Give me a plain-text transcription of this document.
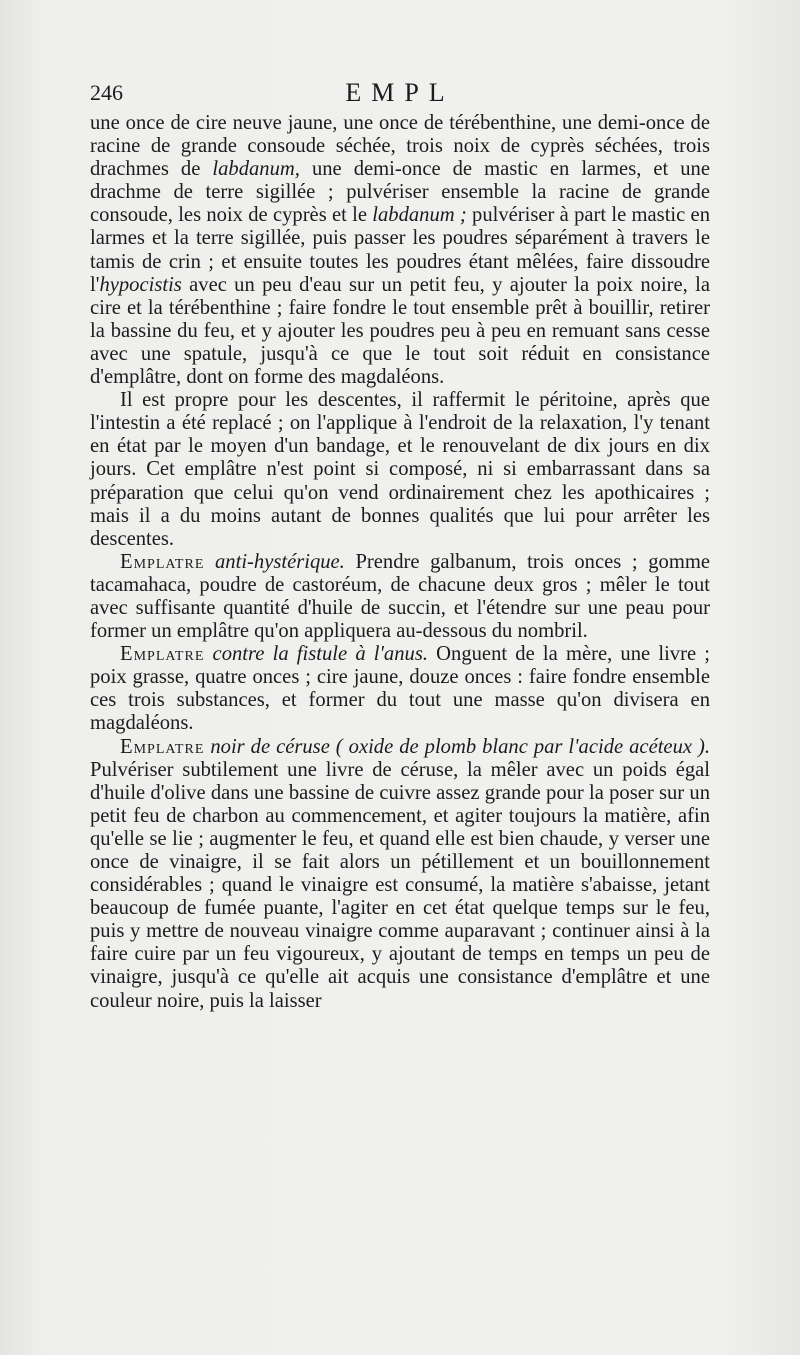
246	EMPL

une once de cire neuve jaune, une once de térébenthine, une demi-once de racine de grande consoude séchée, trois noix de cyprès séchées, trois drachmes de labdanum, une demi-once de mastic en larmes, et une drachme de terre sigillée ; pulvériser ensemble la racine de grande consoude, les noix de cyprès et le labdanum ; pulvériser à part le mastic en larmes et la terre sigillée, puis passer les poudres séparément à travers le tamis de crin ; et ensuite toutes les poudres étant mêlées, faire dissoudre l'hypocistis avec un peu d'eau sur un petit feu, y ajouter la poix noire, la cire et la térébenthine ; faire fondre le tout ensemble prêt à bouillir, retirer la bassine du feu, et y ajouter les poudres peu à peu en remuant sans cesse avec une spatule, jusqu'à ce que le tout soit réduit en consistance d'emplâtre, dont on forme des magdaléons.

Il est propre pour les descentes, il raffermit le péritoine, après que l'intestin a été replacé ; on l'applique à l'endroit de la relaxation, l'y tenant en état par le moyen d'un bandage, et le renouvelant de dix jours en dix jours. Cet emplâtre n'est point si composé, ni si embarrassant dans sa préparation que celui qu'on vend ordinairement chez les apothicaires ; mais il a du moins autant de bonnes qualités que lui pour arrêter les descentes.

Emplatre anti-hystérique. Prendre galbanum, trois onces ; gomme tacamahaca, poudre de castoréum, de chacune deux gros ; mêler le tout avec suffisante quantité d'huile de succin, et l'étendre sur une peau pour former un emplâtre qu'on appliquera au-dessous du nombril.

Emplatre contre la fistule à l'anus. Onguent de la mère, une livre ; poix grasse, quatre onces ; cire jaune, douze onces : faire fondre ensemble ces trois substances, et former du tout une masse qu'on divisera en magdaléons.

Emplatre noir de céruse ( oxide de plomb blanc par l'acide acéteux ). Pulvériser subtilement une livre de céruse, la mêler avec un poids égal d'huile d'olive dans une bassine de cuivre assez grande pour la poser sur un petit feu de charbon au commencement, et agiter toujours la matière, afin qu'elle se lie ; augmenter le feu, et quand elle est bien chaude, y verser une once de vinaigre, il se fait alors un pétillement et un bouillonnement considérables ; quand le vinaigre est consumé, la matière s'abaisse, jetant beaucoup de fumée puante, l'agiter en cet état quelque temps sur le feu, puis y mettre de nouveau vinaigre comme auparavant ; continuer ainsi à la faire cuire par un feu vigoureux, y ajoutant de temps en temps un peu de vinaigre, jusqu'à ce qu'elle ait acquis une consistance d'emplâtre et une couleur noire, puis la laisser
